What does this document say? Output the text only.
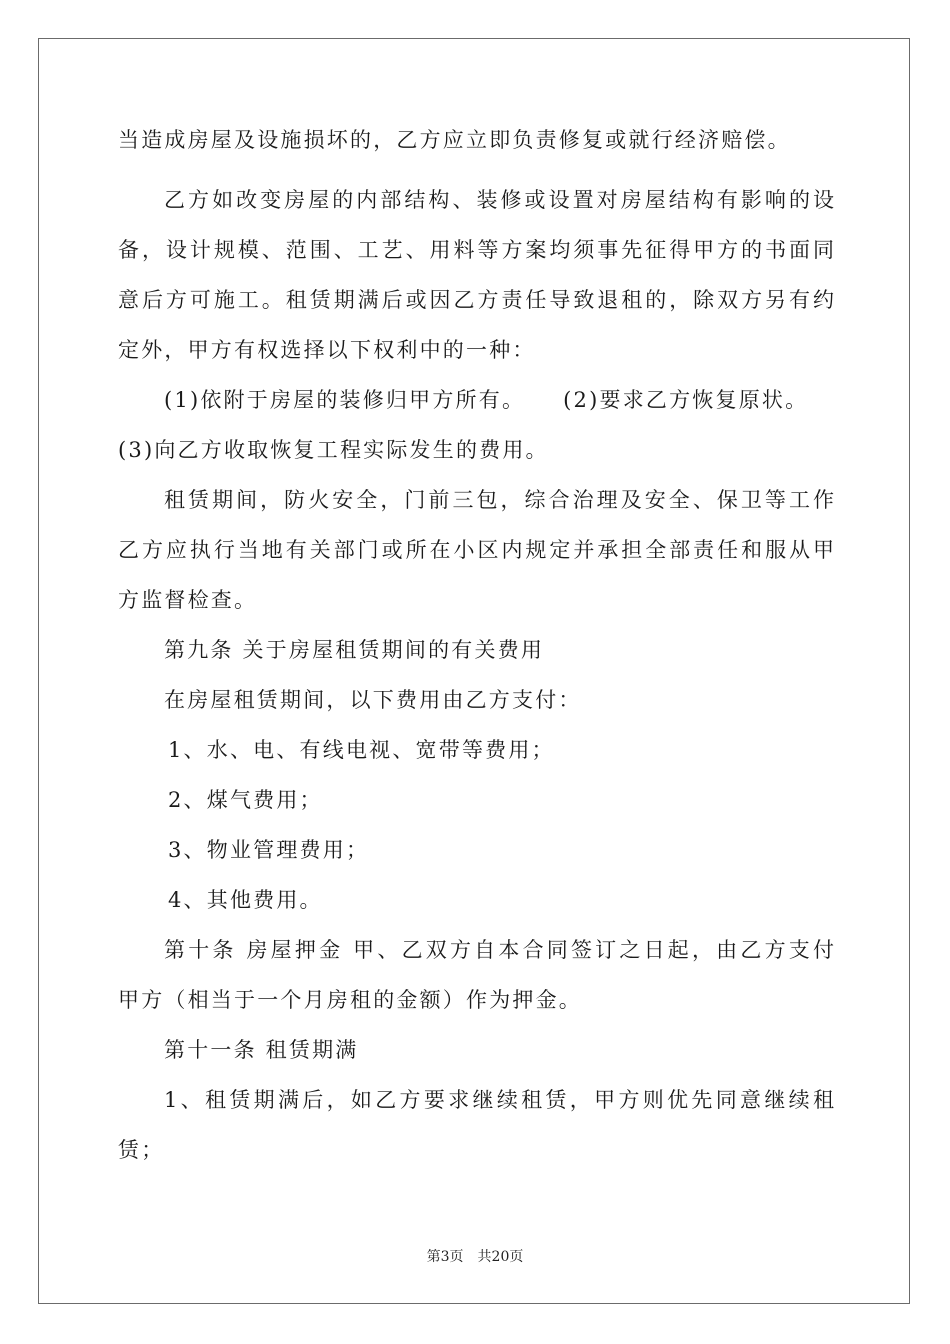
当造成房屋及设施损坏的，乙方应立即负责修复或就行经济赔偿。
乙方如改变房屋的内部结构、装修或设置对房屋结构有影响的设
备，设计规模、范围、工艺、用料等方案均须事先征得甲方的书面同
意后方可施工。租赁期满后或因乙方责任导致退租的，除双方另有约
定外，甲方有权选择以下权利中的一种：
(1)依附于房屋的装修归甲方所有。 (2)要求乙方恢复原状。
(3)向乙方收取恢复工程实际发生的费用。
租赁期间，防火安全，门前三包，综合治理及安全、保卫等工作
乙方应执行当地有关部门或所在小区内规定并承担全部责任和服从甲
方监督检查。
第九条 关于房屋租赁期间的有关费用
在房屋租赁期间，以下费用由乙方支付：
1、水、电、有线电视、宽带等费用；
2、煤气费用；
3、物业管理费用；
4、其他费用。
第十条 房屋押金 甲、乙双方自本合同签订之日起，由乙方支付
甲方（相当于一个月房租的金额）作为押金。
第十一条 租赁期满
1、租赁期满后，如乙方要求继续租赁，甲方则优先同意继续租
赁；
第3页 共20页
